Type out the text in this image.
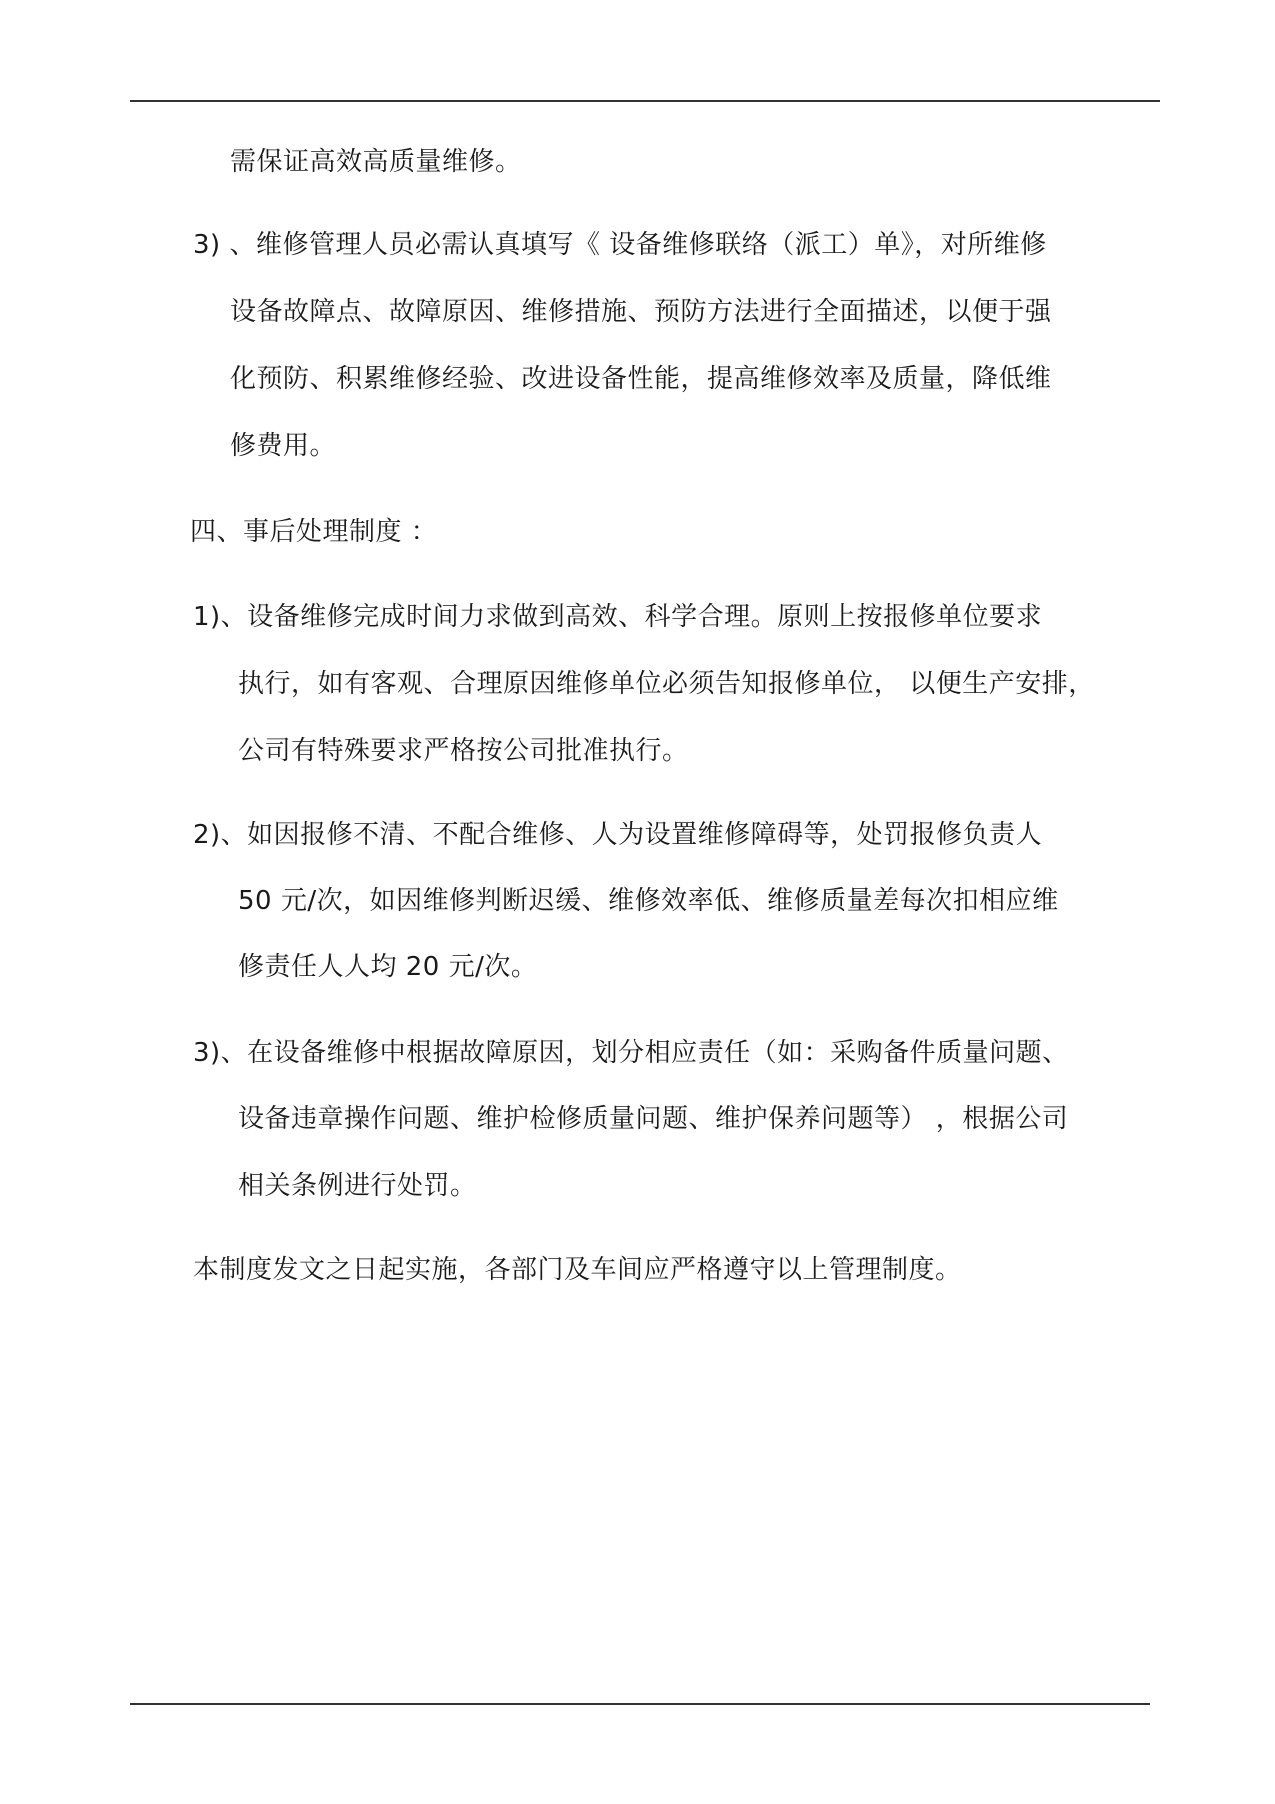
需保证高效高质量维修。
3) 、维修管理人员必需认真填写《 设备维修联络（派工）单》，对所维修
设备故障点、故障原因、维修措施、预防方法进行全面描述，以便于强
化预防、积累维修经验、改进设备性能，提高维修效率及质量，降低维
修费用。
四、事后处理制度 ：
1)、设备维修完成时间力求做到高效、科学合理。原则上按报修单位要求
执行，如有客观、合理原因维修单位必须告知报修单位， 以便生产安排，
公司有特殊要求严格按公司批准执行。
2)、如因报修不清、不配合维修、人为设置维修障碍等，处罚报修负责人
50 元/次，如因维修判断迟缓、维修效率低、维修质量差每次扣相应维
修责任人人均 20 元/次。
3)、在设备维修中根据故障原因，划分相应责任（如：采购备件质量问题、
设备违章操作问题、维护检修质量问题、维护保养问题等） ，根据公司
相关条例进行处罚。
本制度发文之日起实施，各部门及车间应严格遵守以上管理制度。
